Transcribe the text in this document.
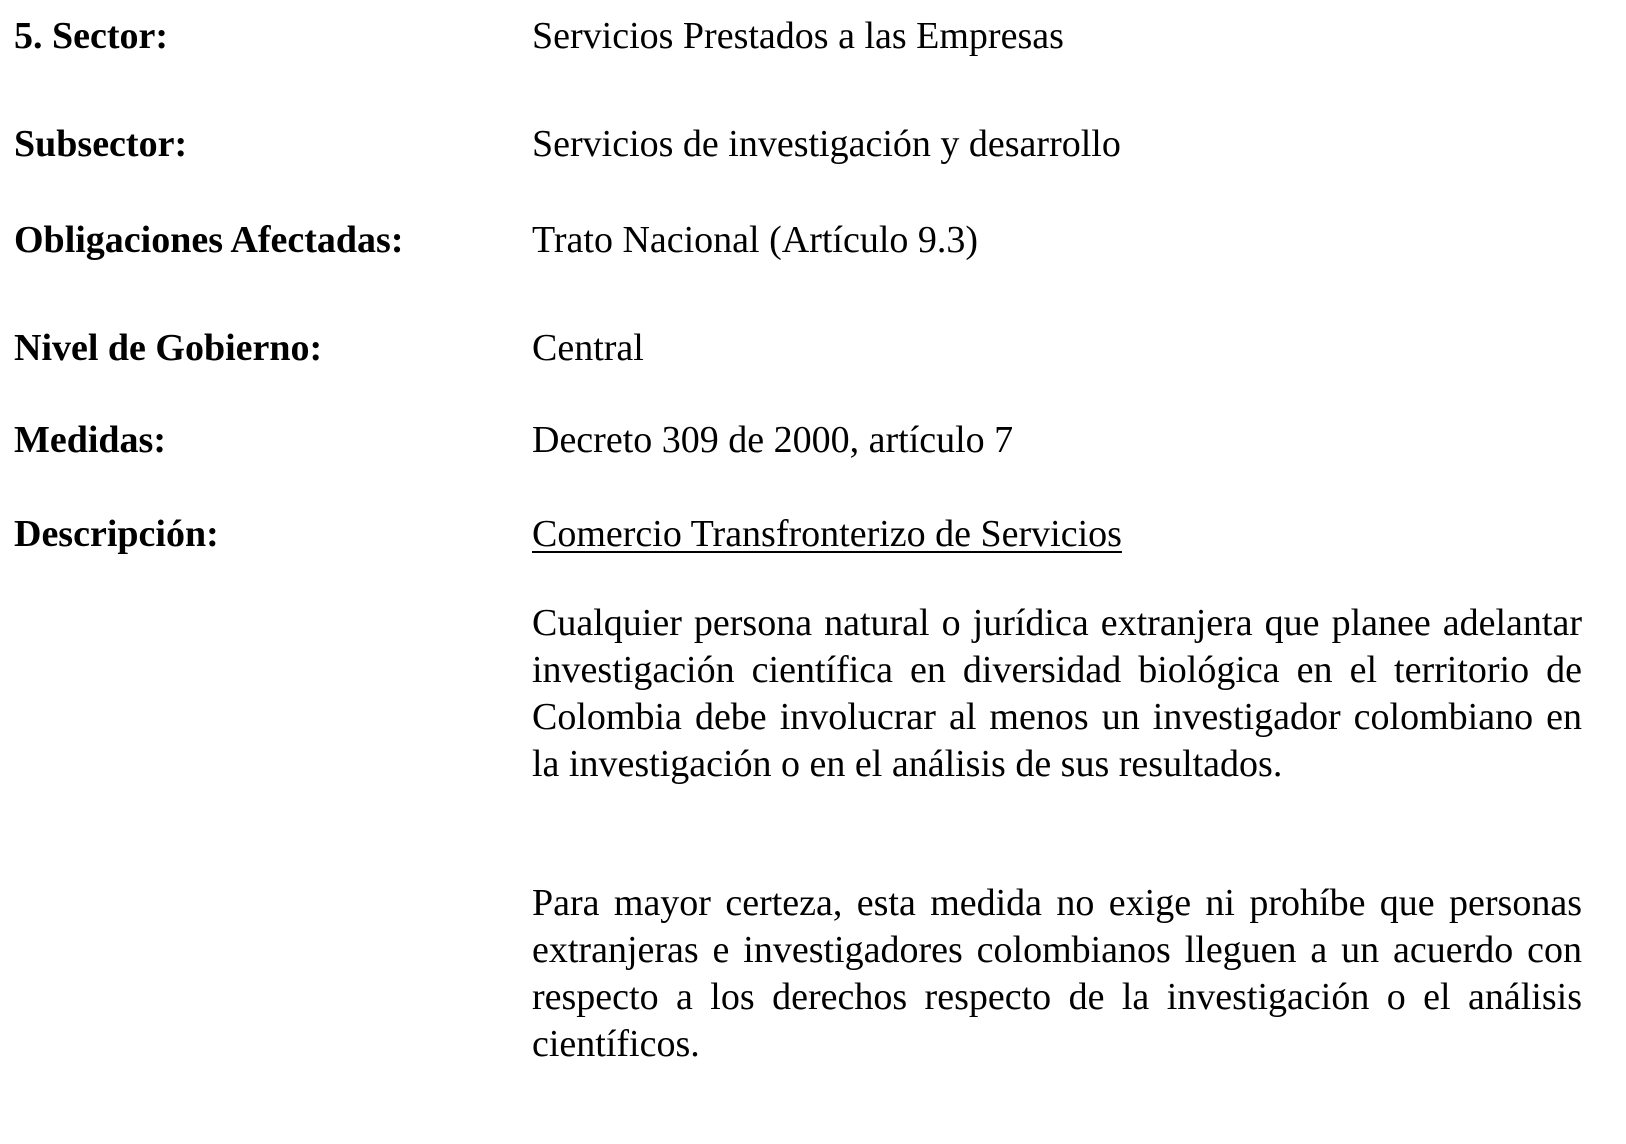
5. Sector:	Servicios Prestados a las Empresas
Subsector:	Servicios de investigación y desarrollo
Obligaciones Afectadas:	Trato Nacional (Artículo 9.3)
Nivel de Gobierno:	Central
Medidas:	Decreto 309 de 2000, artículo 7
Descripción:	Comercio Transfronterizo de Servicios
Cualquier persona natural o jurídica extranjera que planee adelantar investigación científica en diversidad biológica en el territorio de Colombia debe involucrar al menos un investigador colombiano en la investigación o en el análisis de sus resultados.
Para mayor certeza, esta medida no exige ni prohíbe que personas extranjeras e investigadores colombianos lleguen a un acuerdo con respecto a los derechos respecto de la investigación o el análisis científicos.
